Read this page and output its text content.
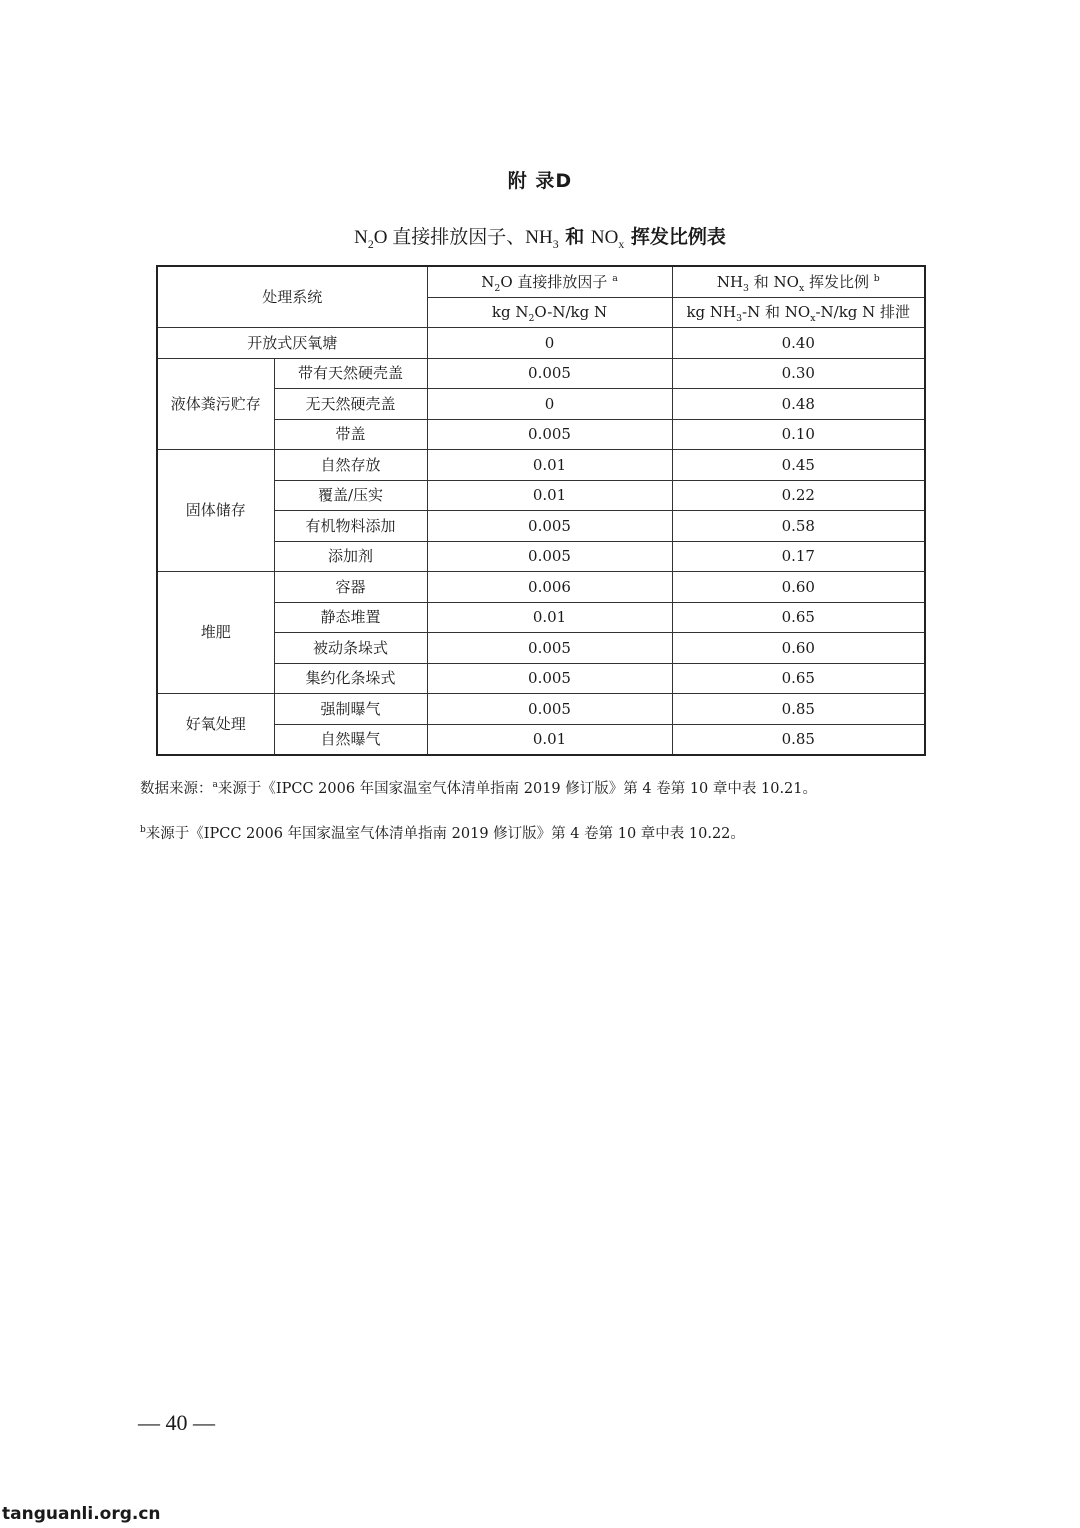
附 录D
$N_2O$ 直接排放因子、$NH_3$ 和 $NO_x$ 挥发比例表
处理系统		$N_2O$ 直接排放因子 $^a$	$NH_3$ 和 $NO_x$ 挥发比例 $^b$
		kg $N_2O-N/kg$ N	kg $NH_3-N$ 和 $NO_x-N/kg$ N 排泄
开放式厌氧塘		0	0.40
液体粪污贮存	带有天然硬壳盖	0.005	0.30
	无天然硬壳盖	0	0.48
	带盖	0.005	0.10
固体储存	自然存放	0.01	0.45
	覆盖/压实	0.01	0.22
	有机物料添加	0.005	0.58
	添加剂	0.005	0.17
堆肥	容器	0.006	0.60
	静态堆置	0.01	0.65
	被动条垛式	0.005	0.60
	集约化条垛式	0.005	0.65
好氧处理	强制曝气	0.005	0.85
	自然曝气	0.01	0.85
数据来源：$^a$来源于《IPCC 2006 年国家温室气体清单指南 2019 修订版》第 4 卷第 10 章中表 10.21。
$^b$来源于《IPCC 2006 年国家温室气体清单指南 2019 修订版》第 4 卷第 10 章中表 10.22。
— 40 —
tanguanli.org.cn
